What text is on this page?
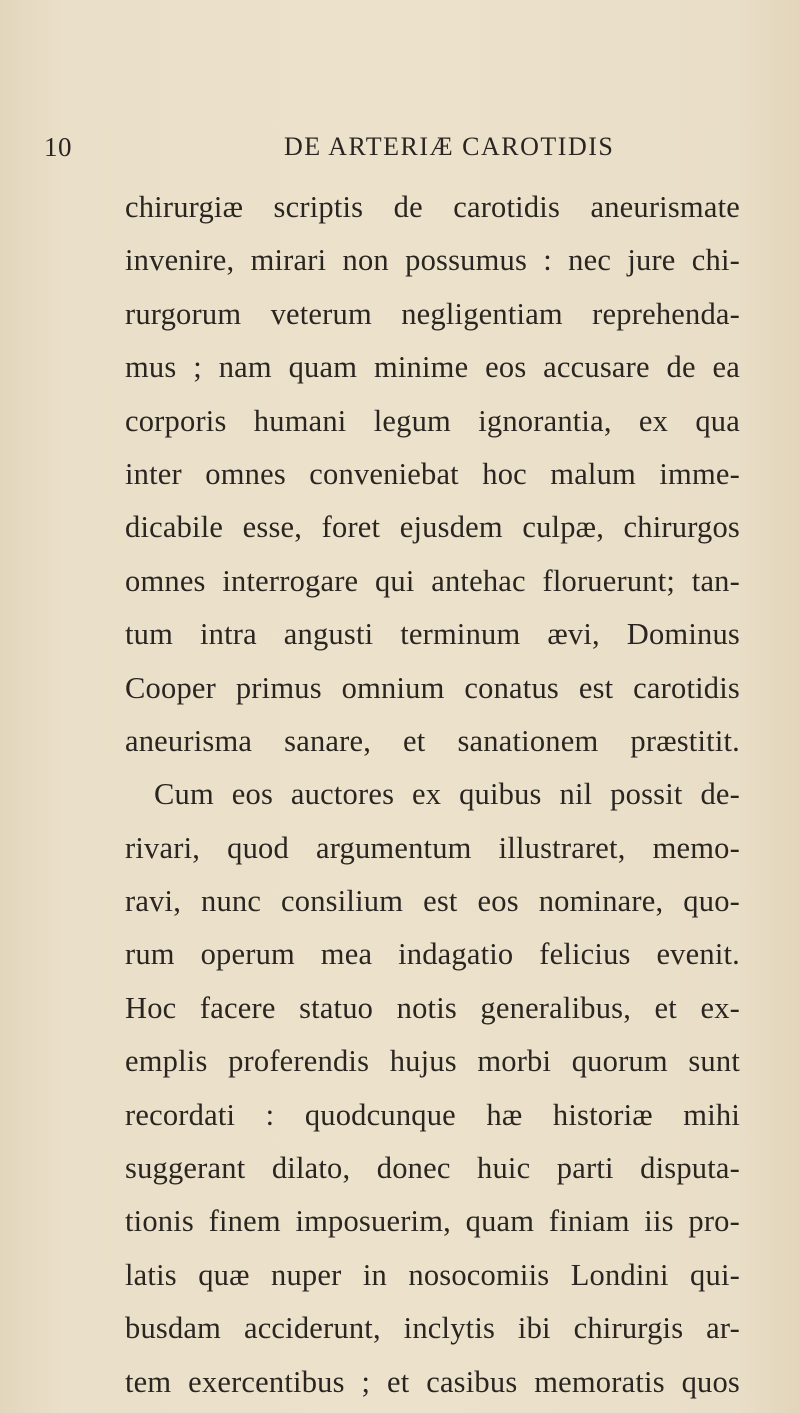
10	DE ARTERIÆ CAROTIDIS
chirurgiæ scriptis de carotidis aneurismate
invenire, mirari non possumus : nec jure chi-
rurgorum veterum negligentiam reprehenda-
mus ; nam quam minime eos accusare de ea
corporis humani legum ignorantia, ex qua
inter omnes conveniebat hoc malum imme-
dicabile esse, foret ejusdem culpæ, chirurgos
omnes interrogare qui antehac floruerunt; tan-
tum intra angusti terminum ævi, Dominus
Cooper primus omnium conatus est carotidis
aneurisma sanare, et sanationem præstitit.
Cum eos auctores ex quibus nil possit de-
rivari, quod argumentum illustraret, memo-
ravi, nunc consilium est eos nominare, quo-
rum operum mea indagatio felicius evenit.
Hoc facere statuo notis generalibus, et ex-
emplis proferendis hujus morbi quorum sunt
recordati : quodcunque hæ historiæ mihi
suggerant dilato, donec huic parti disputa-
tionis finem imposuerim, quam finiam iis pro-
latis quæ nuper in nosocomiis Londini qui-
busdam acciderunt, inclytis ibi chirurgis ar-
tem exercentibus ; et casibus memoratis quos
